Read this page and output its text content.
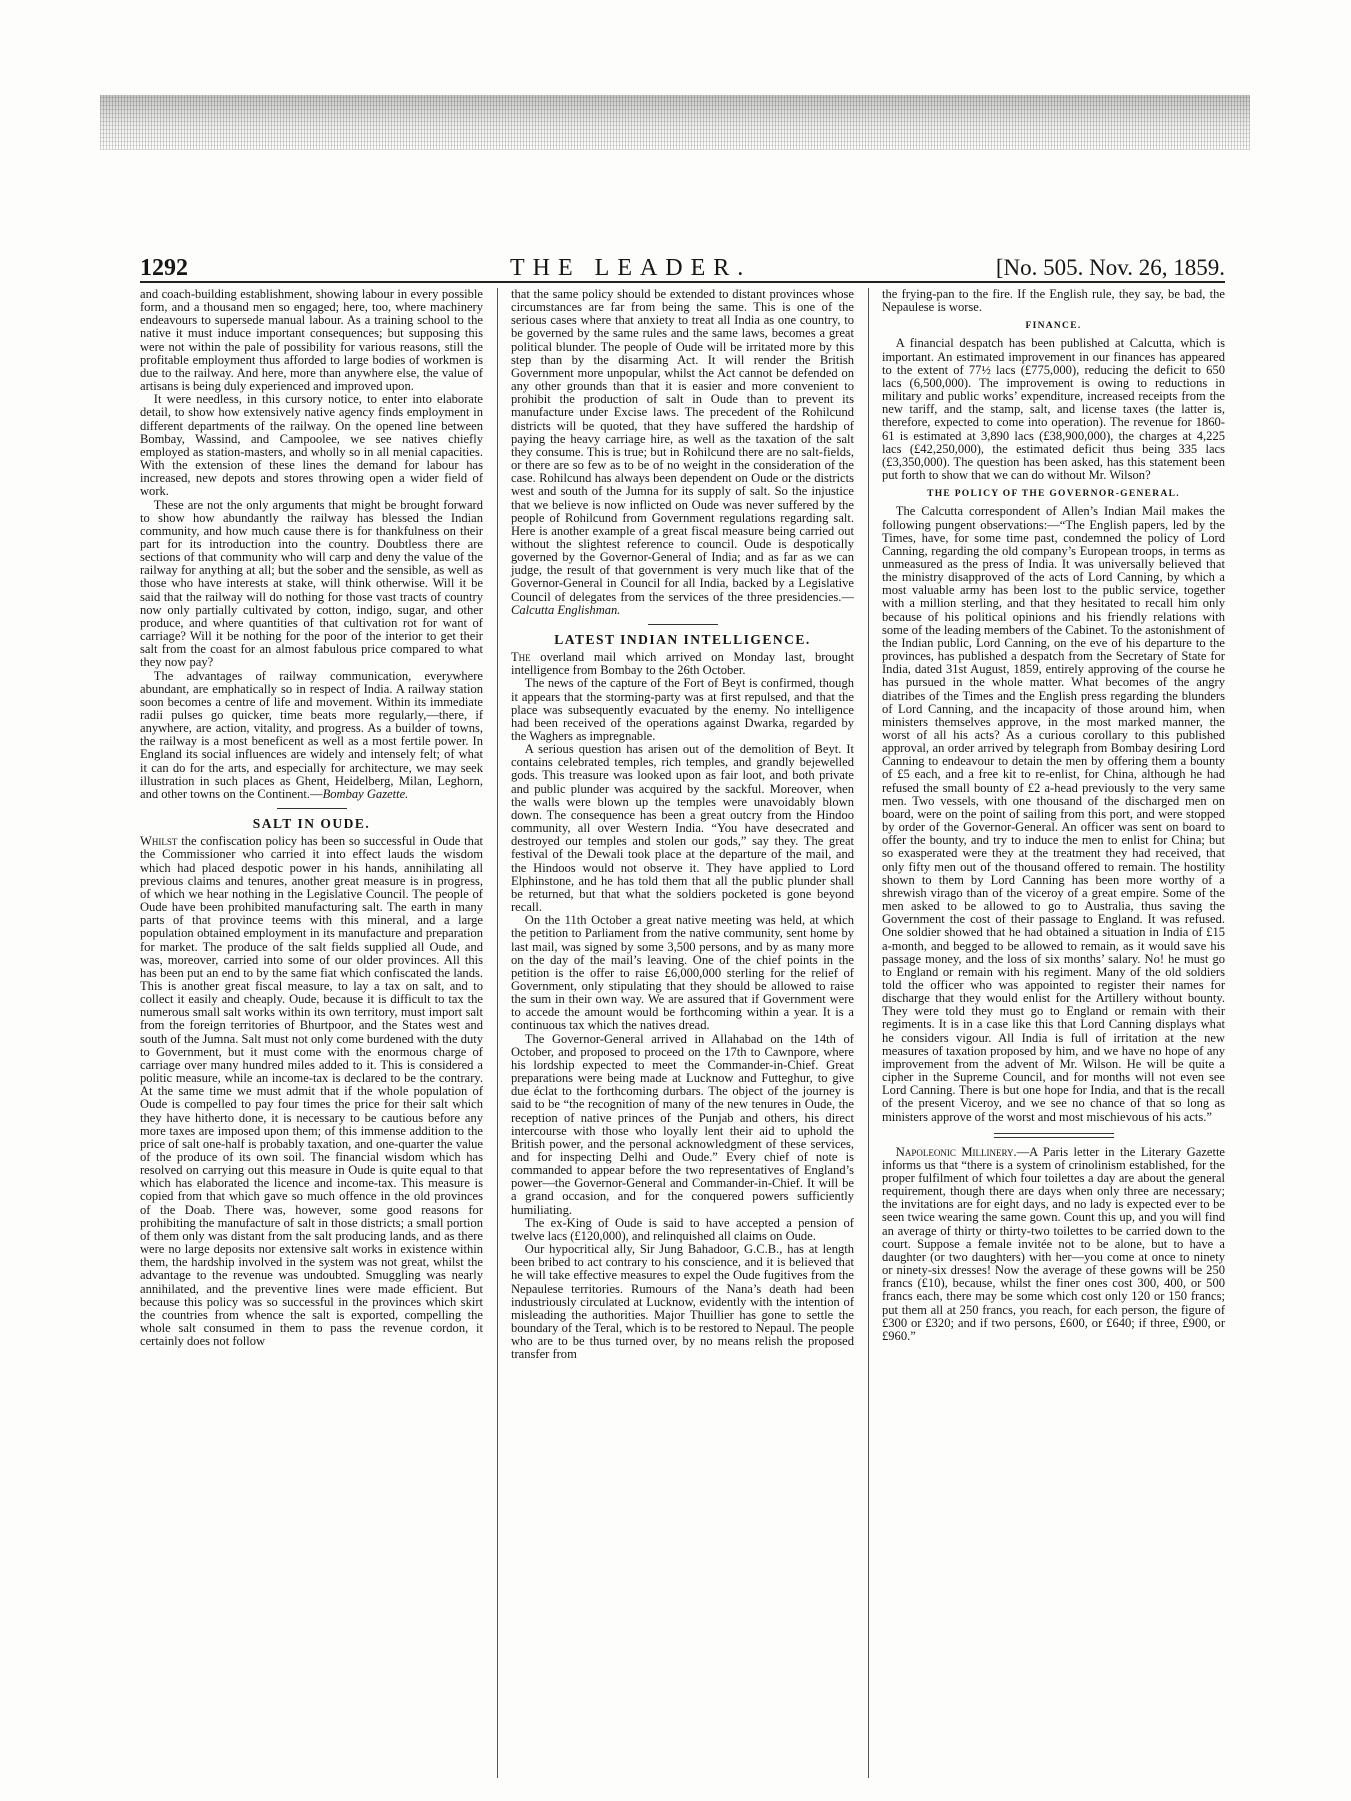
1292	THE LEADER.	[No. 505. Nov. 26, 1859.

and coach-building establishment, showing labour in every possible form, and a thousand men so engaged; here, too, where machinery endeavours to supersede manual labour. As a training school to the native it must induce important consequences; but supposing this were not within the pale of possibility for various reasons, still the profitable employment thus afforded to large bodies of workmen is due to the railway. And here, more than anywhere else, the value of artisans is being duly experienced and improved upon.

It were needless, in this cursory notice, to enter into elaborate detail, to show how extensively native agency finds employment in different departments of the railway. On the opened line between Bombay, Wassind, and Campoolee, we see natives chiefly employed as station-masters, and wholly so in all menial capacities. With the extension of these lines the demand for labour has increased, new depots and stores throwing open a wider field of work.

These are not the only arguments that might be brought forward to show how abundantly the railway has blessed the Indian community, and how much cause there is for thankfulness on their part for its introduction into the country. Doubtless there are sections of that community who will carp and deny the value of the railway for anything at all; but the sober and the sensible, as well as those who have interests at stake, will think otherwise. Will it be said that the railway will do nothing for those vast tracts of country now only partially cultivated by cotton, indigo, sugar, and other produce, and where quantities of that cultivation rot for want of carriage? Will it be nothing for the poor of the interior to get their salt from the coast for an almost fabulous price compared to what they now pay?

The advantages of railway communication, everywhere abundant, are emphatically so in respect of India. A railway station soon becomes a centre of life and movement. Within its immediate radii pulses go quicker, time beats more regularly,—there, if anywhere, are action, vitality, and progress. As a builder of towns, the railway is a most beneficent as well as a most fertile power. In England its social influences are widely and intensely felt; of what it can do for the arts, and especially for architecture, we may seek illustration in such places as Ghent, Heidelberg, Milan, Leghorn, and other towns on the Continent.—Bombay Gazette.

SALT IN OUDE.

Whilst the confiscation policy has been so successful in Oude that the Commissioner who carried it into effect lauds the wisdom which had placed despotic power in his hands, annihilating all previous claims and tenures, another great measure is in progress, of which we hear nothing in the Legislative Council. The people of Oude have been prohibited manufacturing salt. The earth in many parts of that province teems with this mineral, and a large population obtained employment in its manufacture and preparation for market. The produce of the salt fields supplied all Oude, and was, moreover, carried into some of our older provinces. All this has been put an end to by the same fiat which confiscated the lands. This is another great fiscal measure, to lay a tax on salt, and to collect it easily and cheaply. Oude, because it is difficult to tax the numerous small salt works within its own territory, must import salt from the foreign territories of Bhurtpoor, and the States west and south of the Jumna. Salt must not only come burdened with the duty to Government, but it must come with the enormous charge of carriage over many hundred miles added to it. This is considered a politic measure, while an income-tax is declared to be the contrary. At the same time we must admit that if the whole population of Oude is compelled to pay four times the price for their salt which they have hitherto done, it is necessary to be cautious before any more taxes are imposed upon them; of this immense addition to the price of salt one-half is probably taxation, and one-quarter the value of the produce of its own soil. The financial wisdom which has resolved on carrying out this measure in Oude is quite equal to that which has elaborated the licence and income-tax. This measure is copied from that which gave so much offence in the old provinces of the Doab. There was, however, some good reasons for prohibiting the manufacture of salt in those districts; a small portion of them only was distant from the salt producing lands, and as there were no large deposits nor extensive salt works in existence within them, the hardship involved in the system was not great, whilst the advantage to the revenue was undoubted. Smuggling was nearly annihilated, and the preventive lines were made efficient. But because this policy was so successful in the provinces which skirt the countries from whence the salt is exported, compelling the whole salt consumed in them to pass the revenue cordon, it certainly does not follow

that the same policy should be extended to distant provinces whose circumstances are far from being the same. This is one of the serious cases where that anxiety to treat all India as one country, to be governed by the same rules and the same laws, becomes a great political blunder. The people of Oude will be irritated more by this step than by the disarming Act. It will render the British Government more unpopular, whilst the Act cannot be defended on any other grounds than that it is easier and more convenient to prohibit the production of salt in Oude than to prevent its manufacture under Excise laws. The precedent of the Rohilcund districts will be quoted, that they have suffered the hardship of paying the heavy carriage hire, as well as the taxation of the salt they consume. This is true; but in Rohilcund there are no salt-fields, or there are so few as to be of no weight in the consideration of the case. Rohilcund has always been dependent on Oude or the districts west and south of the Jumna for its supply of salt. So the injustice that we believe is now inflicted on Oude was never suffered by the people of Rohilcund from Government regulations regarding salt. Here is another example of a great fiscal measure being carried out without the slightest reference to council. Oude is despotically governed by the Governor-General of India; and as far as we can judge, the result of that government is very much like that of the Governor-General in Council for all India, backed by a Legislative Council of delegates from the services of the three presidencies.—Calcutta Englishman.

LATEST INDIAN INTELLIGENCE.

The overland mail which arrived on Monday last, brought intelligence from Bombay to the 26th October.

The news of the capture of the Fort of Beyt is confirmed, though it appears that the storming-party was at first repulsed, and that the place was subsequently evacuated by the enemy. No intelligence had been received of the operations against Dwarka, regarded by the Waghers as impregnable.

A serious question has arisen out of the demolition of Beyt. It contains celebrated temples, rich temples, and grandly bejewelled gods. This treasure was looked upon as fair loot, and both private and public plunder was acquired by the sackful. Moreover, when the walls were blown up the temples were unavoidably blown down. The consequence has been a great outcry from the Hindoo community, all over Western India. “You have desecrated and destroyed our temples and stolen our gods,” say they. The great festival of the Dewali took place at the departure of the mail, and the Hindoos would not observe it. They have applied to Lord Elphinstone, and he has told them that all the public plunder shall be returned, but that what the soldiers pocketed is gone beyond recall.

On the 11th October a great native meeting was held, at which the petition to Parliament from the native community, sent home by last mail, was signed by some 3,500 persons, and by as many more on the day of the mail’s leaving. One of the chief points in the petition is the offer to raise £6,000,000 sterling for the relief of Government, only stipulating that they should be allowed to raise the sum in their own way. We are assured that if Government were to accede the amount would be forthcoming within a year. It is a continuous tax which the natives dread.

The Governor-General arrived in Allahabad on the 14th of October, and proposed to proceed on the 17th to Cawnpore, where his lordship expected to meet the Commander-in-Chief. Great preparations were being made at Lucknow and Futteghur, to give due éclat to the forthcoming durbars. The object of the journey is said to be “the recognition of many of the new tenures in Oude, the reception of native princes of the Punjab and others, his direct intercourse with those who loyally lent their aid to uphold the British power, and the personal acknowledgment of these services, and for inspecting Delhi and Oude.” Every chief of note is commanded to appear before the two representatives of England’s power—the Governor-General and Commander-in-Chief. It will be a grand occasion, and for the conquered powers sufficiently humiliating.

The ex-King of Oude is said to have accepted a pension of twelve lacs (£120,000), and relinquished all claims on Oude.

Our hypocritical ally, Sir Jung Bahadoor, G.C.B., has at length been bribed to act contrary to his conscience, and it is believed that he will take effective measures to expel the Oude fugitives from the Nepaulese territories. Rumours of the Nana’s death had been industriously circulated at Lucknow, evidently with the intention of misleading the authorities. Major Thuillier has gone to settle the boundary of the Teral, which is to be restored to Nepaul. The people who are to be thus turned over, by no means relish the proposed transfer from

the frying-pan to the fire. If the English rule, they say, be bad, the Nepaulese is worse.

FINANCE.

A financial despatch has been published at Calcutta, which is important. An estimated improvement in our finances has appeared to the extent of 77½ lacs (£775,000), reducing the deficit to 650 lacs (6,500,000). The improvement is owing to reductions in military and public works’ expenditure, increased receipts from the new tariff, and the stamp, salt, and license taxes (the latter is, therefore, expected to come into operation). The revenue for 1860-61 is estimated at 3,890 lacs (£38,900,000), the charges at 4,225 lacs (£42,250,000), the estimated deficit thus being 335 lacs (£3,350,000). The question has been asked, has this statement been put forth to show that we can do without Mr. Wilson?

THE POLICY OF THE GOVERNOR-GENERAL.

The Calcutta correspondent of Allen’s Indian Mail makes the following pungent observations:—“The English papers, led by the Times, have, for some time past, condemned the policy of Lord Canning, regarding the old company’s European troops, in terms as unmeasured as the press of India. It was universally believed that the ministry disapproved of the acts of Lord Canning, by which a most valuable army has been lost to the public service, together with a million sterling, and that they hesitated to recall him only because of his political opinions and his friendly relations with some of the leading members of the Cabinet. To the astonishment of the Indian public, Lord Canning, on the eve of his departure to the provinces, has published a despatch from the Secretary of State for India, dated 31st August, 1859, entirely approving of the course he has pursued in the whole matter. What becomes of the angry diatribes of the Times and the English press regarding the blunders of Lord Canning, and the incapacity of those around him, when ministers themselves approve, in the most marked manner, the worst of all his acts? As a curious corollary to this published approval, an order arrived by telegraph from Bombay desiring Lord Canning to endeavour to detain the men by offering them a bounty of £5 each, and a free kit to re-enlist, for China, although he had refused the small bounty of £2 a-head previously to the very same men. Two vessels, with one thousand of the discharged men on board, were on the point of sailing from this port, and were stopped by order of the Governor-General. An officer was sent on board to offer the bounty, and try to induce the men to enlist for China; but so exasperated were they at the treatment they had received, that only fifty men out of the thousand offered to remain. The hostility shown to them by Lord Canning has been more worthy of a shrewish virago than of the viceroy of a great empire. Some of the men asked to be allowed to go to Australia, thus saving the Government the cost of their passage to England. It was refused. One soldier showed that he had obtained a situation in India of £15 a-month, and begged to be allowed to remain, as it would save his passage money, and the loss of six months’ salary. No! he must go to England or remain with his regiment. Many of the old soldiers told the officer who was appointed to register their names for discharge that they would enlist for the Artillery without bounty. They were told they must go to England or remain with their regiments. It is in a case like this that Lord Canning displays what he considers vigour. All India is full of irritation at the new measures of taxation proposed by him, and we have no hope of any improvement from the advent of Mr. Wilson. He will be quite a cipher in the Supreme Council, and for months will not even see Lord Canning. There is but one hope for India, and that is the recall of the present Viceroy, and we see no chance of that so long as ministers approve of the worst and most mischievous of his acts.”

Napoleonic Millinery.—A Paris letter in the Literary Gazette informs us that “there is a system of crinolinism established, for the proper fulfilment of which four toilettes a day are about the general requirement, though there are days when only three are necessary; the invitations are for eight days, and no lady is expected ever to be seen twice wearing the same gown. Count this up, and you will find an average of thirty or thirty-two toilettes to be carried down to the court. Suppose a female invitée not to be alone, but to have a daughter (or two daughters) with her—you come at once to ninety or ninety-six dresses! Now the average of these gowns will be 250 francs (£10), because, whilst the finer ones cost 300, 400, or 500 francs each, there may be some which cost only 120 or 150 francs; put them all at 250 francs, you reach, for each person, the figure of £300 or £320; and if two persons, £600, or £640; if three, £900, or £960.”
